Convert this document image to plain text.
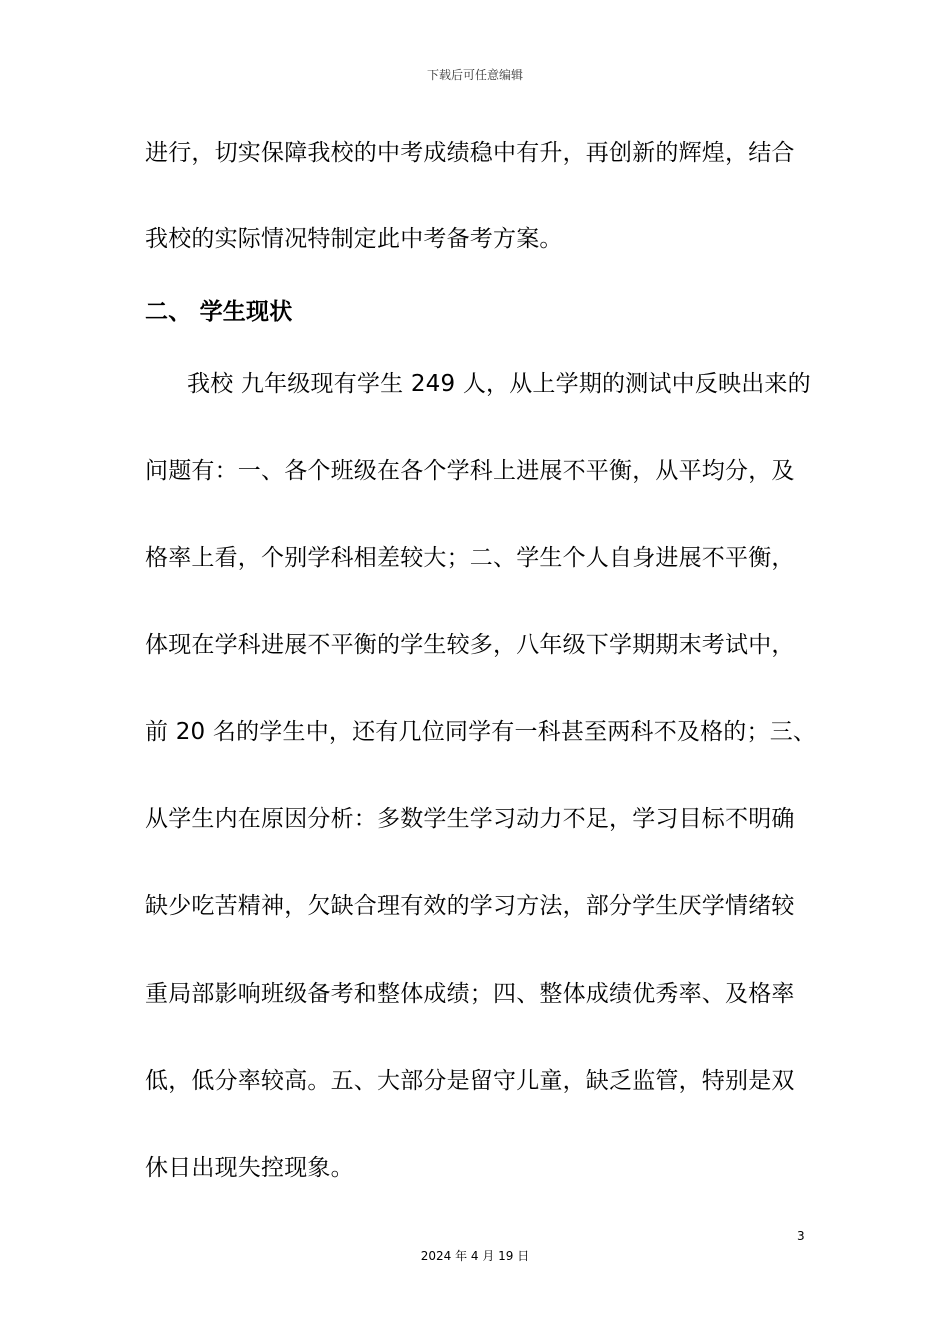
下载后可任意编辑
进行，切实保障我校的中考成绩稳中有升，再创新的辉煌，结合
我校的实际情况特制定此中考备考方案。
二、 学生现状
我校 九年级现有学生 249 人，从上学期的测试中反映出来的
问题有：一、各个班级在各个学科上进展不平衡，从平均分，及
格率上看，个别学科相差较大；二、学生个人自身进展不平衡，
体现在学科进展不平衡的学生较多，八年级下学期期末考试中，
前 20 名的学生中，还有几位同学有一科甚至两科不及格的；三、
从学生内在原因分析：多数学生学习动力不足，学习目标不明确
缺少吃苦精神，欠缺合理有效的学习方法，部分学生厌学情绪较
重局部影响班级备考和整体成绩；四、整体成绩优秀率、及格率
低，低分率较高。五、大部分是留守儿童，缺乏监管，特别是双
休日出现失控现象。
3
2024 年 4 月 19 日
